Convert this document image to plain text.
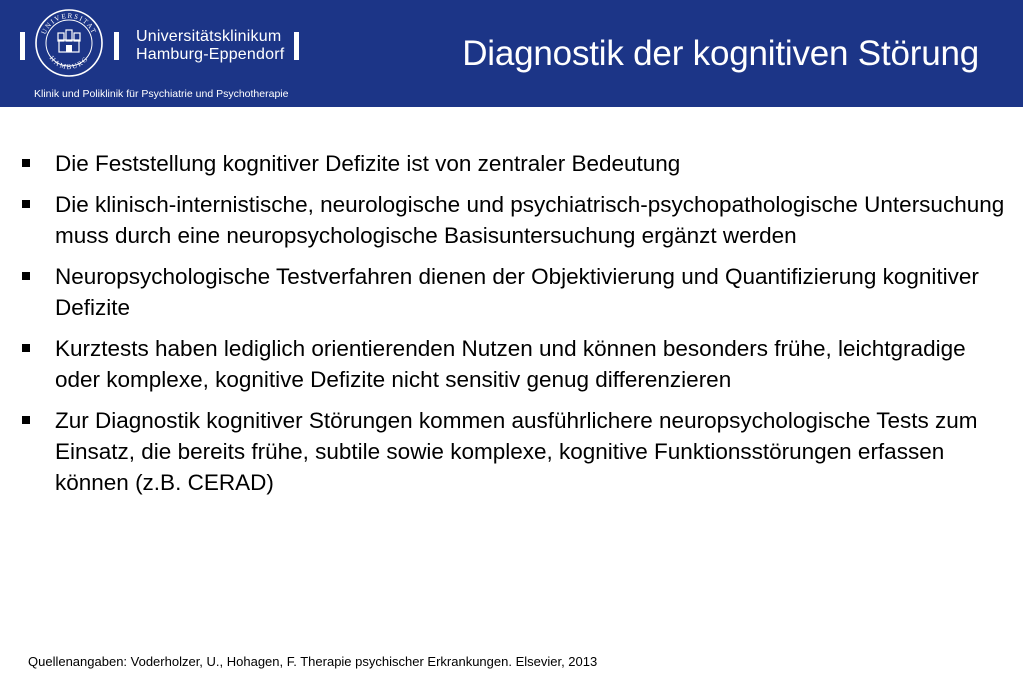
UNIVERSITAT
HAMBURG
Universitätsklinikum
Hamburg-Eppendorf
Klinik und Poliklinik für Psychiatrie und Psychotherapie
Diagnostik der kognitiven Störung
Die Feststellung kognitiver Defizite ist von zentraler Bedeutung
Die klinisch-internistische, neurologische und psychiatrisch-psychopathologische Untersuchung muss durch eine neuropsychologische Basisuntersuchung ergänzt werden
Neuropsychologische Testverfahren dienen der Objektivierung und Quantifizierung kognitiver Defizite
Kurztests haben lediglich orientierenden Nutzen und können besonders frühe, leichtgradige oder komplexe, kognitive Defizite nicht sensitiv genug differenzieren
Zur Diagnostik kognitiver Störungen kommen ausführlichere neuropsychologische Tests zum Einsatz, die bereits frühe, subtile sowie komplexe, kognitive Funktionsstörungen erfassen können (z.B. CERAD)
Quellenangaben: Voderholzer, U., Hohagen, F. Therapie psychischer Erkrankungen. Elsevier, 2013
